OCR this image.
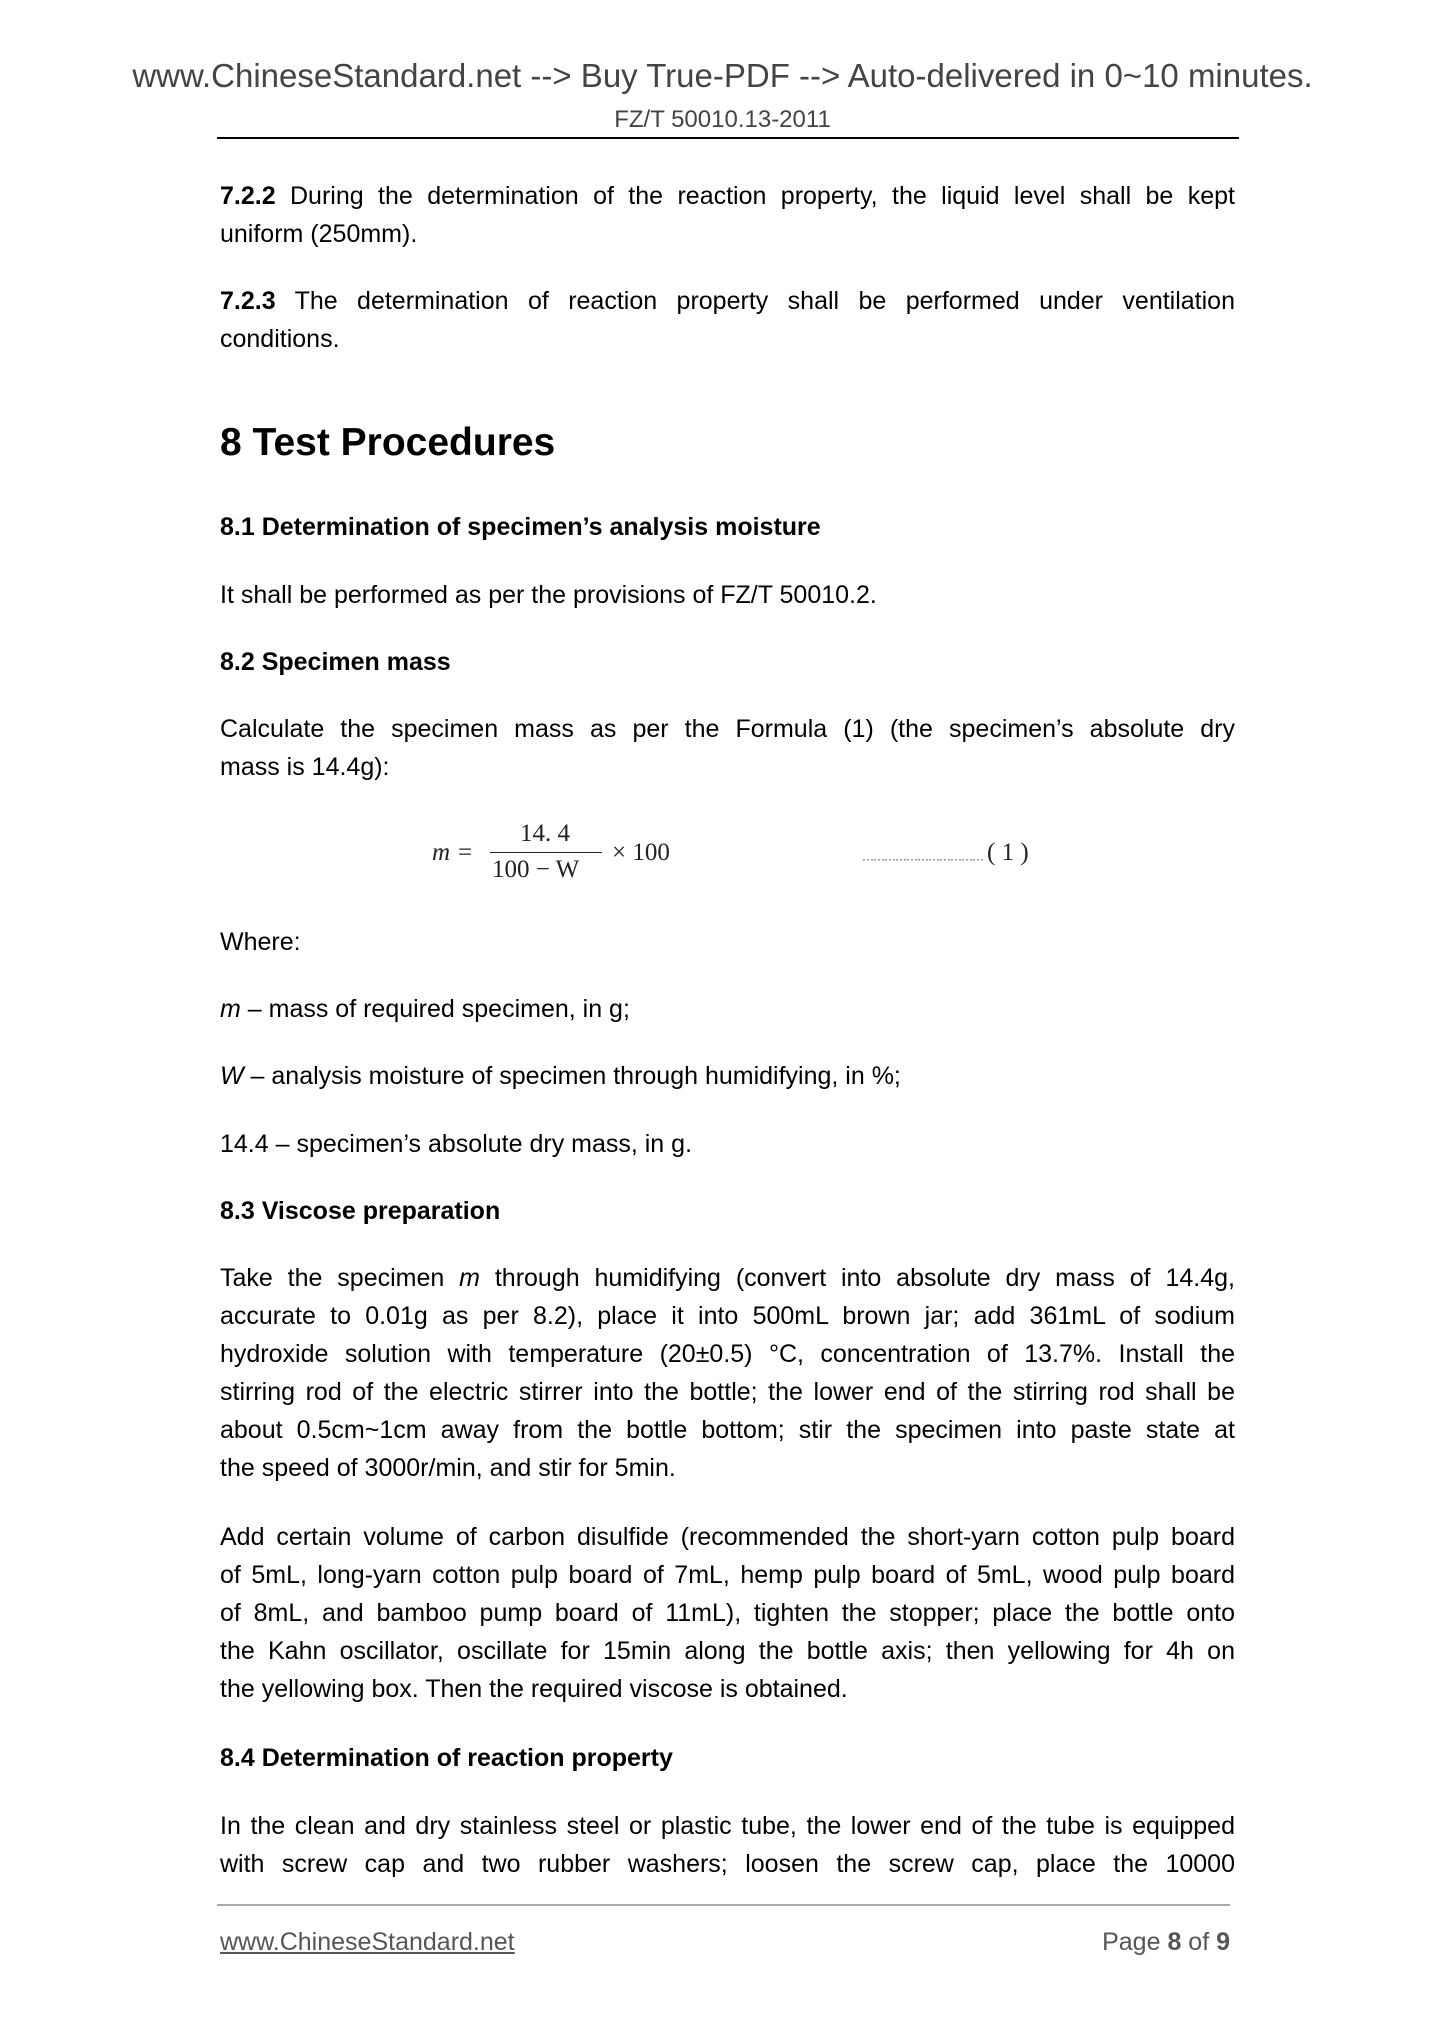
www.ChineseStandard.net --> Buy True-PDF --> Auto-delivered in 0~10 minutes.
FZ/T 50010.13-2011
7.2.2 During the determination of the reaction property, the liquid level shall be kept
uniform (250mm).
7.2.3 The determination of reaction property shall be performed under ventilation
conditions.
8 Test Procedures
8.1 Determination of specimen’s analysis moisture
It shall be performed as per the provisions of FZ/T 50010.2.
8.2 Specimen mass
Calculate the specimen mass as per the Formula (1) (the specimen’s absolute dry
mass is 14.4g):
m =
14. 4
100 − W
× 100	…………………………… ( 1 )
Where:
m – mass of required specimen, in g;
W – analysis moisture of specimen through humidifying, in %;
14.4 – specimen’s absolute dry mass, in g.
8.3 Viscose preparation
Take the specimen m through humidifying (convert into absolute dry mass of 14.4g,
accurate to 0.01g as per 8.2), place it into 500mL brown jar; add 361mL of sodium
hydroxide solution with temperature (20±0.5) °C, concentration of 13.7%. Install the
stirring rod of the electric stirrer into the bottle; the lower end of the stirring rod shall be
about 0.5cm~1cm away from the bottle bottom; stir the specimen into paste state at
the speed of 3000r/min, and stir for 5min.
Add certain volume of carbon disulfide (recommended the short-yarn cotton pulp board
of 5mL, long-yarn cotton pulp board of 7mL, hemp pulp board of 5mL, wood pulp board
of 8mL, and bamboo pump board of 11mL), tighten the stopper; place the bottle onto
the Kahn oscillator, oscillate for 15min along the bottle axis; then yellowing for 4h on
the yellowing box. Then the required viscose is obtained.
8.4 Determination of reaction property
In the clean and dry stainless steel or plastic tube, the lower end of the tube is equipped
with screw cap and two rubber washers; loosen the screw cap, place the 10000
www.ChineseStandard.net	Page 8 of 9
